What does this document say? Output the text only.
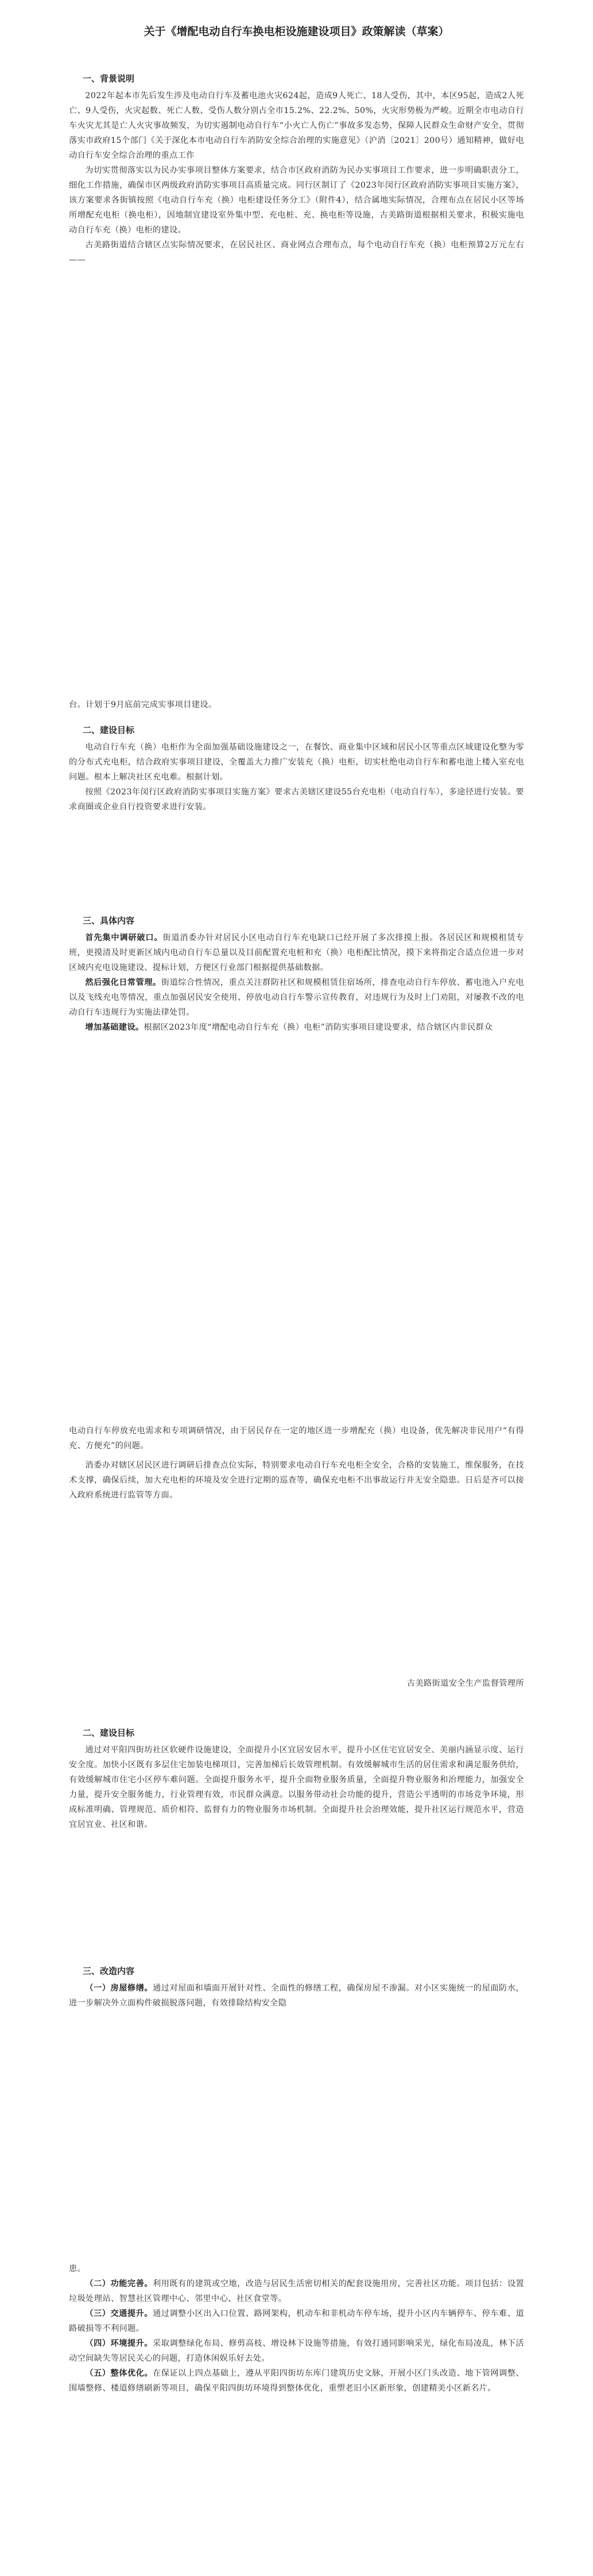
关于《增配电动自行车换电柜设施建设项目》政策解读（草案）
一、背景说明

2022年起本市先后发生涉及电动自行车及蓄电池火灾624起，造成9人死亡、18人受伤，其中，本区95起，造成2人死亡、9人受伤，火灾起数、死亡人数、受伤人数分别占全市15.2%、22.2%、50%，火灾形势极为严峻。近期全市电动自行车火灾尤其是亡人火灾事故频发，为切实遏制电动自行车“小火亡人伤亡”事故多发态势，保障人民群众生命财产安全，贯彻落实市政府15个部门《关于深化本市电动自行车消防安全综合治理的实施意见》（沪消〔2021〕200号）通知精神，做好电动自行车安全综合治理的重点工作

为切实贯彻落实以为民办实事项目整体方案要求，结合市区政府消防为民办实事项目工作要求，进一步明确职责分工，细化工作措施，确保市区两级政府消防实事项目高质量完成。同行区制订了《2023年闵行区政府消防实事项目实施方案》，该方案要求各街镇按照《电动自行车充（换）电柜建设任务分工》（附件4），结合属地实际情况，合理布点在居民小区等场所增配充电柜（换电柜），因地制宜建设室外集中型、充电桩、充、换电柜等设施，古美路街道根据相关要求，积极实施电动自行车充（换）电柜的建设。

古美路街道结合辖区点实际情况要求，在居民社区、商业网点合理布点，每个电动自行车充（换）电柜预算2万元左右——

台。计划于9月底前完成实事项目建设。

二、建设目标

电动自行车充（换）电柜作为全面加强基础设施建设之一，在餐饮、商业集中区域和居民小区等重点区域建设化整为零的分布式充电柜，结合政府实事项目建设，全覆盖大力推广安装充（换）电柜，切实杜绝电动自行车和蓄电池上楼入室充电问题。根本上解决社区充电难。根据计划。

按照《2023年闵行区政府消防实事项目实施方案》要求古美辖区建设55台充电柜（电动自行车），多途径进行安装。要求商圈或企业自行投资要求进行安装。

三、具体内容

首先集中调研破口。街道消委办针对居民小区电动自行车充电缺口已经开展了多次排摸上报。各居民区和规模租赁专班，更摸清及时更新区域内电动自行车总量以及目前配置充电桩和充（换）电柜配比情况，摸下来将指定合适点位进一步对区域内充电设施建设、提标计划，方便区行业部门根据提供基础数据。

然后强化日常管理。街道综合性情况，重点关注群防社区和规模租赁住宿场所，排查电动自行车停放、蓄电池入户充电以及飞线充电等情况，重点加强居民安全使用、停放电动自行车警示宣传教育，对违规行为及时上门劝阻，对屡教不改的电动自行车违规行为实施法律处罚。

增加基础建设。根据区2023年度“增配电动自行车充（换）电柜”消防实事项目建设要求，结合辖区内非民群众

电动自行车停放充电需求和专项调研情况，由于居民存在一定的地区进一步增配充（换）电设备，优先解决非民用户“有得充、方便充”的问题。

消委办对辖区居民区进行调研后排查点位实际，特别要求电动自行车充电柜全安全，合格的安装施工，维保服务，在技术支撑，确保后续，加大充电柜的环境及安全进行定期的巡查等，确保充电柜不出事故运行并无安全隐患。日后是齐可以接入政府系统进行监管等方面。

古美路街道安全生产监督管理所

二、建设目标

通过对平阳四街坊社区软硬件设施建设，全面提升小区宜居安居水平，提升小区住宅宜居安全、美丽内涵显示度、运行安全度。加快小区既有多层住宅加装电梯项目，完善加梯后长效管理机制。有效缓解城市生活的居住需求和满足服务供给，有效缓解城市住宅小区停车难问题。全面提升服务水平，提升全面物业服务质量，全面提升物业服务和治理能力，加强安全力量，提升安全服务能力，行业管理有效，市民群众满意。以服务带动社会功能的提升，营造公平透明的市场竞争环境，形成标准明确、管理规范、质价相符、监督有力的物业服务市场机制。全面提升社会治理效能，提升社区运行规范水平，营造宜居宜业、社区和谐。

三、改造内容

（一）房屋修缮。通过对屋面和墙面开展针对性、全面性的修缮工程，确保房屋不渗漏。对小区实施统一的屋面防水，进一步解决外立面构件破损脱落问题，有效排除结构安全隐

患。

（二）功能完善。利用既有的建筑或空地，改造与居民生活密切相关的配套设施用房，完善社区功能。项目包括：设置垃圾处理站、智慧社区管理中心、邻里中心、社区食堂等。

（三）交通提升。通过调整小区出入口位置、路网架构，机动车和非机动车停车场，提升小区内车辆停车、停车难、道路破损等不利问题。

（四）环境提升。采取调整绿化布局、修剪高枝、增设林下设施等措施，有效打通同影响采光，绿化布局凌乱，林下活动空间缺失等居民关心的问题，打造休闲娱乐好去处。

（五）整体优化。在保证以上四点基础上，遵从平阳四街坊东库门建筑历史文脉，开展小区门头改造、地下管网调整、围墙整修、楼道修缮刷新等项目，确保平阳四街坊环境得到整体优化，重塑老旧小区新形象，创建精美小区新名片。
